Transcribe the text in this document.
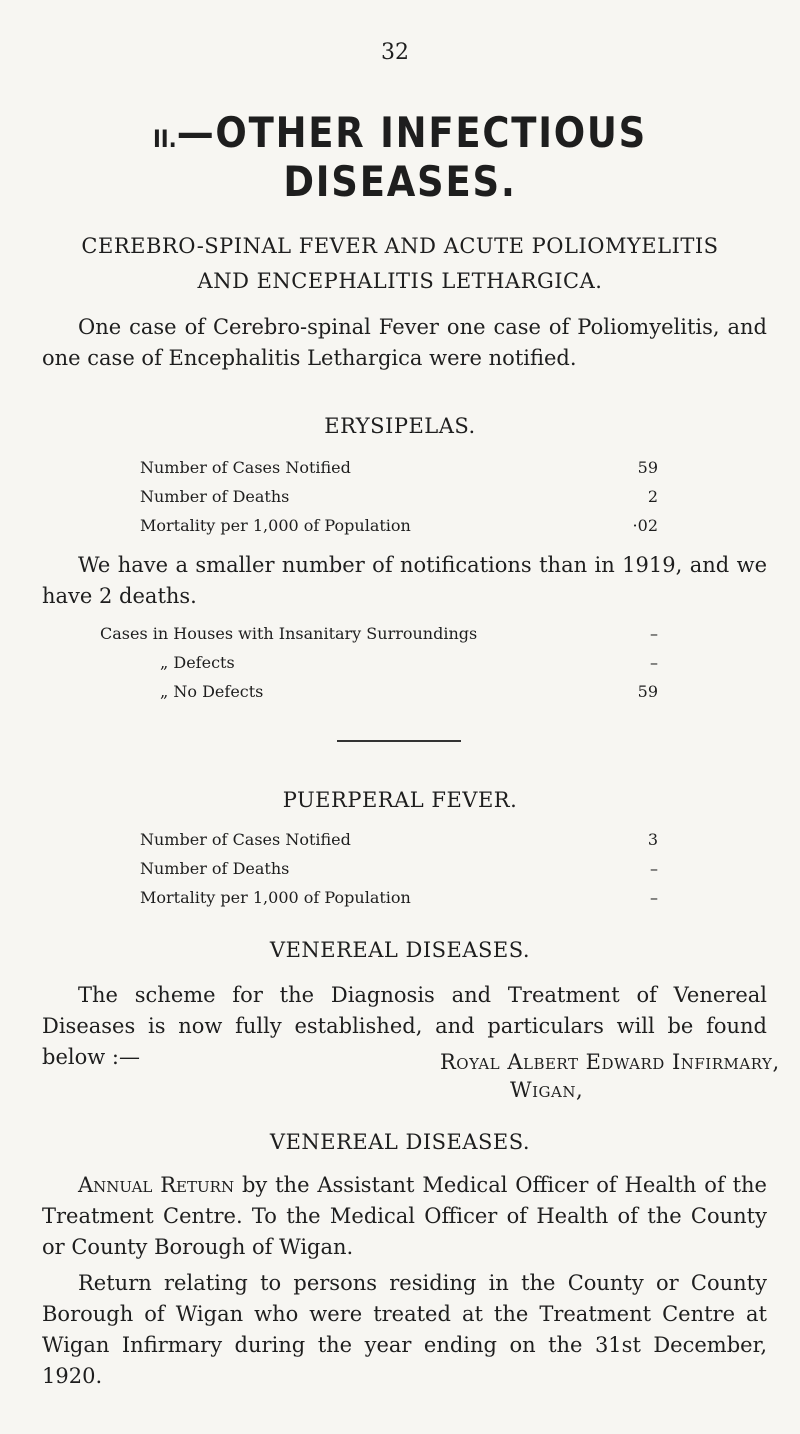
32
II.—OTHER INFECTIOUS DISEASES.
CEREBRO-SPINAL FEVER AND ACUTE POLIOMYELITIS
AND ENCEPHALITIS LETHARGICA.
One case of Cerebro-spinal Fever one case of Poliomyelitis, and one case of Encephalitis Lethargica were notified.
ERYSIPELAS.
Number of Cases Notified	59
Number of Deaths	2
Mortality per 1,000 of Population	·02
We have a smaller number of notifications than in 1919, and we have 2 deaths.
Cases in Houses with Insanitary Surroundings	–
„ Defects	–
„ No Defects	59
PUERPERAL FEVER.
Number of Cases Notified	3
Number of Deaths	–
Mortality per 1,000 of Population	–
VENEREAL DISEASES.
The scheme for the Diagnosis and Treatment of Venereal Diseases is now fully established, and particulars will be found below :—	Royal Albert Edward Infirmary,
Wigan,
VENEREAL DISEASES.
Annual Return by the Assistant Medical Officer of Health of the Treatment Centre. To the Medical Officer of Health of the County or County Borough of Wigan.
Return relating to persons residing in the County or County Borough of Wigan who were treated at the Treatment Centre at Wigan Infirmary during the year ending on the 31st December, 1920.
